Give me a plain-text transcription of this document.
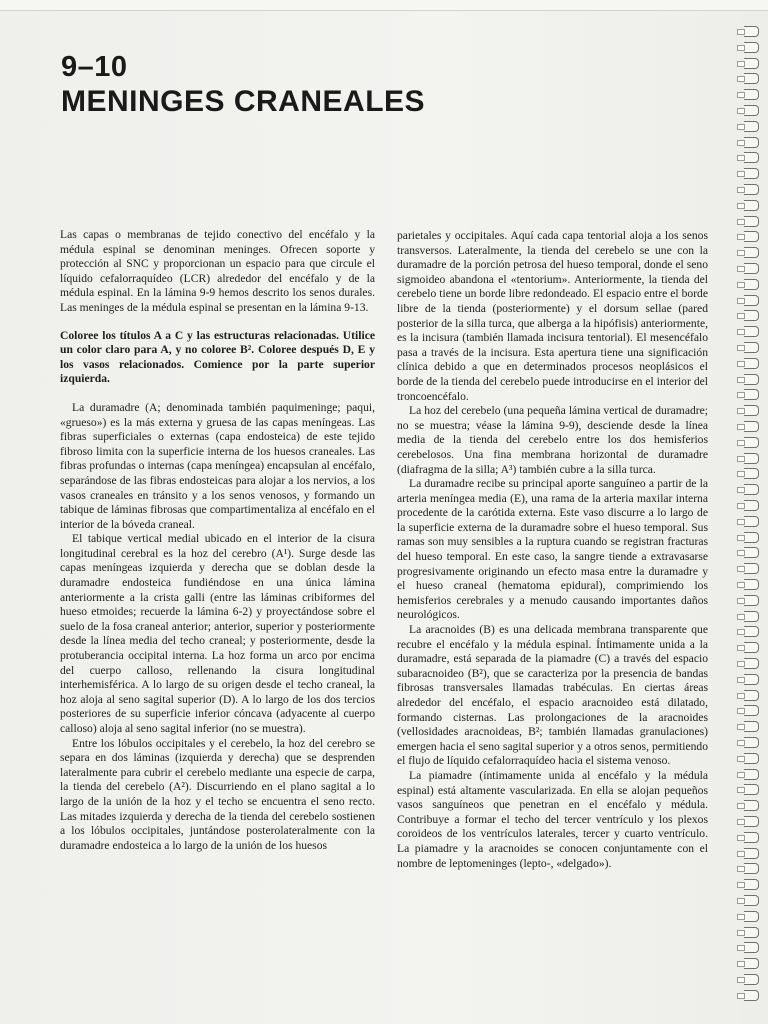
9–10
MENINGES CRANEALES

Las capas o membranas de tejido conectivo del encéfalo y la médula espinal se denominan meninges. Ofrecen soporte y protección al SNC y proporcionan un espacio para que circule el líquido cefalorraquídeo (LCR) alrededor del encéfalo y de la médula espinal. En la lámina 9-9 hemos descrito los senos durales. Las meninges de la médula espinal se presentan en la lámina 9-13.

Coloree los títulos A a C y las estructuras relacionadas. Utilice un color claro para A, y no coloree B². Coloree después D, E y los vasos relacionados. Comience por la parte superior izquierda.

La duramadre (A; denominada también paquimeninge; paqui, «grueso») es la más externa y gruesa de las capas meníngeas. Las fibras superficiales o externas (capa endosteica) de este tejido fibroso limita con la superficie interna de los huesos craneales. Las fibras profundas o internas (capa meníngea) encapsulan al encéfalo, separándose de las fibras endosteicas para alojar a los nervios, a los vasos craneales en tránsito y a los senos venosos, y formando un tabique de láminas fibrosas que compartimentaliza al encéfalo en el interior de la bóveda craneal.

El tabique vertical medial ubicado en el interior de la cisura longitudinal cerebral es la hoz del cerebro (A¹). Surge desde las capas meníngeas izquierda y derecha que se doblan desde la duramadre endosteica fundiéndose en una única lámina anteriormente a la crista galli (entre las láminas cribiformes del hueso etmoides; recuerde la lámina 6-2) y proyectándose sobre el suelo de la fosa craneal anterior; anterior, superior y posteriormente desde la línea media del techo craneal; y posteriormente, desde la protuberancia occipital interna. La hoz forma un arco por encima del cuerpo calloso, rellenando la cisura longitudinal interhemisférica. A lo largo de su origen desde el techo craneal, la hoz aloja al seno sagital superior (D). A lo largo de los dos tercios posteriores de su superficie inferior cóncava (adyacente al cuerpo calloso) aloja al seno sagital inferior (no se muestra).

Entre los lóbulos occipitales y el cerebelo, la hoz del cerebro se separa en dos láminas (izquierda y derecha) que se desprenden lateralmente para cubrir el cerebelo mediante una especie de carpa, la tienda del cerebelo (A²). Discurriendo en el plano sagital a lo largo de la unión de la hoz y el techo se encuentra el seno recto. Las mitades izquierda y derecha de la tienda del cerebelo sostienen a los lóbulos occipitales, juntándose posterolateralmente con la duramadre endosteica a lo largo de la unión de los huesos

parietales y occipitales. Aquí cada capa tentorial aloja a los senos transversos. Lateralmente, la tienda del cerebelo se une con la duramadre de la porción petrosa del hueso temporal, donde el seno sigmoideo abandona el «tentorium». Anteriormente, la tienda del cerebelo tiene un borde libre redondeado. El espacio entre el borde libre de la tienda (posteriormente) y el dorsum sellae (pared posterior de la silla turca, que alberga a la hipófisis) anteriormente, es la incisura (también llamada incisura tentorial). El mesencéfalo pasa a través de la incisura. Esta apertura tiene una significación clínica debido a que en determinados procesos neoplásicos el borde de la tienda del cerebelo puede introducirse en el interior del troncoencéfalo.

La hoz del cerebelo (una pequeña lámina vertical de duramadre; no se muestra; véase la lámina 9-9), desciende desde la línea media de la tienda del cerebelo entre los dos hemisferios cerebelosos. Una fina membrana horizontal de duramadre (diafragma de la silla; A³) también cubre a la silla turca.

La duramadre recibe su principal aporte sanguíneo a partir de la arteria meníngea media (E), una rama de la arteria maxilar interna procedente de la carótida externa. Este vaso discurre a lo largo de la superficie externa de la duramadre sobre el hueso temporal. Sus ramas son muy sensibles a la ruptura cuando se registran fracturas del hueso temporal. En este caso, la sangre tiende a extravasarse progresivamente originando un efecto masa entre la duramadre y el hueso craneal (hematoma epidural), comprimiendo los hemisferios cerebrales y a menudo causando importantes daños neurológicos.

La aracnoides (B) es una delicada membrana transparente que recubre el encéfalo y la médula espinal. Íntimamente unida a la duramadre, está separada de la piamadre (C) a través del espacio subaracnoideo (B²), que se caracteriza por la presencia de bandas fibrosas transversales llamadas trabéculas. En ciertas áreas alrededor del encéfalo, el espacio aracnoideo está dilatado, formando cisternas. Las prolongaciones de la aracnoides (vellosidades aracnoideas, B²; también llamadas granulaciones) emergen hacia el seno sagital superior y a otros senos, permitiendo el flujo de líquido cefalorraquídeo hacia el sistema venoso.

La piamadre (íntimamente unida al encéfalo y la médula espinal) está altamente vascularizada. En ella se alojan pequeños vasos sanguíneos que penetran en el encéfalo y médula. Contribuye a formar el techo del tercer ventrículo y los plexos coroideos de los ventrículos laterales, tercer y cuarto ventrículo. La piamadre y la aracnoides se conocen conjuntamente con el nombre de leptomeninges (lepto-, «delgado»).
